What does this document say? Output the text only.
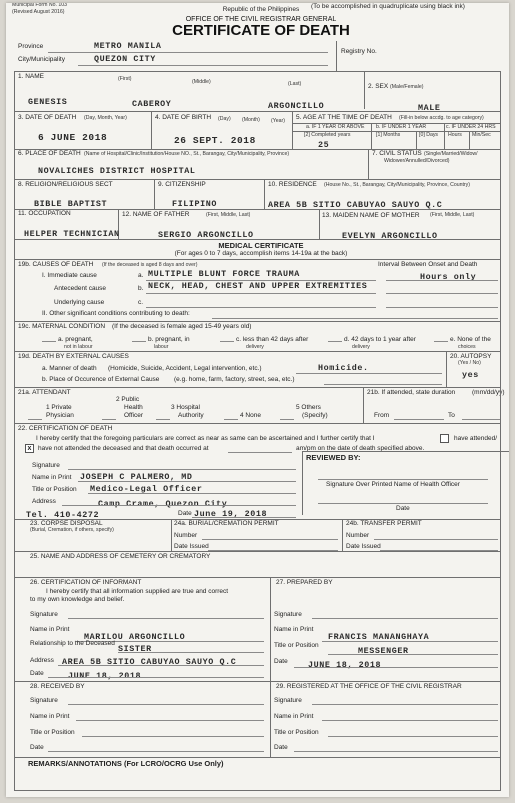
Municipal Form No. 103
(Revised August 2016)	Republic of the Philippines	(To be accomplished in quadruplicate using black ink)
OFFICE OF THE CIVIL REGISTRAR GENERAL
CERTIFICATE OF DEATH
Province	METRO MANILA
City/Municipality	QUEZON CITY
Registry No.
1. NAME	(First)	(Middle)	(Last)	2. SEX (Male/Female)
GENESIS	CABEROY	ARGONCILLO	MALE
3. DATE OF DEATH (Day, Month, Year)	4. DATE OF BIRTH (Day) (Month) (Year) 5. AGE AT THE TIME OF DEATH (Fill-in below accdg. to age category)
a. IF 1 YEAR OR ABOVE b. IF UNDER 1 YEAR	c. IF UNDER 24 HRS
[2] Completed years	[1] Months	[0] Days Hours Min/Sec
6 JUNE 2018	26 SEPT. 2018	25
6. PLACE OF DEATH (Name of Hospital/Clinic/Institution/House NO., St., Barangay, City/Municipality, Province)	7. CIVIL STATUS (Single/Married/Widow/
Widower/Annulled/Divorced)
NOVALICHES DISTRICT HOSPITAL
8. RELIGION/RELIGIOUS SECT	9. CITIZENSHIP	10. RESIDENCE (House No., St., Barangay, City/Municipality, Province, Country)
BIBLE BAPTIST	FILIPINO	AREA 5B SITIO CABUYAO SAUYO Q.C
11. OCCUPATION	12. NAME OF FATHER	(First, Middle, Last)	13. MAIDEN NAME OF MOTHER (First, Middle, Last)
HELPER TECHNICIAN	SERGIO ARGONCILLO	EVELYN ARGONCILLO
MEDICAL CERTIFICATE
(For ages 0 to 7 days, accomplish items 14-19a at the back)
19b. CAUSES OF DEATH (If the deceased is aged 8 days and over)	Interval Between Onset and Death
I. Immediate cause	a. MULTIPLE BLUNT FORCE TRAUMA	Hours only
Antecedent cause	b. NECK, HEAD, CHEST AND UPPER EXTREMITIES
Underlying cause	c.
II. Other significant conditions contributing to death:
19c. MATERNAL CONDITION (If the deceased is female aged 15-49 years old)
a. pregnant,
not in labour
b. pregnant, in
labour
c. less than 42 days after
delivery
d. 42 days to 1 year after
delivery
e. None of the
choices
19d. DEATH BY EXTERNAL CAUSES	20. AUTOPSY
(Yes / No)
a. Manner of death (Homicide, Suicide, Accident, Legal intervention, etc.)	Homicide.
yes
b. Place of Occurence of External Cause (e.g. home, farm, factory, street, sea, etc.)
21a. ATTENDANT	21b. If attended, state duration	(mm/dd/yy)
2 Public
1 Private
Physician
Health
Officer
3 Hospital
Authority	4 None
5 Others
(Specify)	From	To
22. CERTIFICATION OF DEATH
I hereby certify that the foregoing particulars are correct as near as same can be ascertained and I further certify that I	have attended/
x	have not attended the deceased and that death occurred at	am/pm on the date of death specified above.
Signature
Name in Print JOSEPH C PALMERO, MD
Title or Position Medico-Legal Officer
Address	Camp Crame, Quezon City
Tel. 410-4272	Date June 19, 2018
REVIEWED BY:
Signature Over Printed Name of Health Officer
Date
23. CORPSE DISPOSAL
(Burial, Cremation, if others, specify)
24a. BURIAL/CREMATION PERMIT
Number
Date Issued
24b. TRANSFER PERMIT
Number
Date Issued
25. NAME AND ADDRESS OF CEMETERY OR CREMATORY
26. CERTIFICATION OF INFORMANT
I hereby certify that all information supplied are true and correct
to my own knowledge and belief.
Signature
Name in Print
MARILOU ARGONCILLO
Relationship to the Deceased
SISTER
Address AREA 5B SITIO CABUYAO SAUYO Q.C
Date	JUNE 18, 2018
27. PREPARED BY
Signature
Name in Print
FRANCIS MANANGHAYA
Title or Position
MESSENGER
Date JUNE 18, 2018
28. RECEIVED BY
Signature
Name in Print
Title or Position
Date
29. REGISTERED AT THE OFFICE OF THE CIVIL REGISTRAR
Signature
Name in Print
Title or Position
Date
REMARKS/ANNOTATIONS (For LCRO/OCRG Use Only)
